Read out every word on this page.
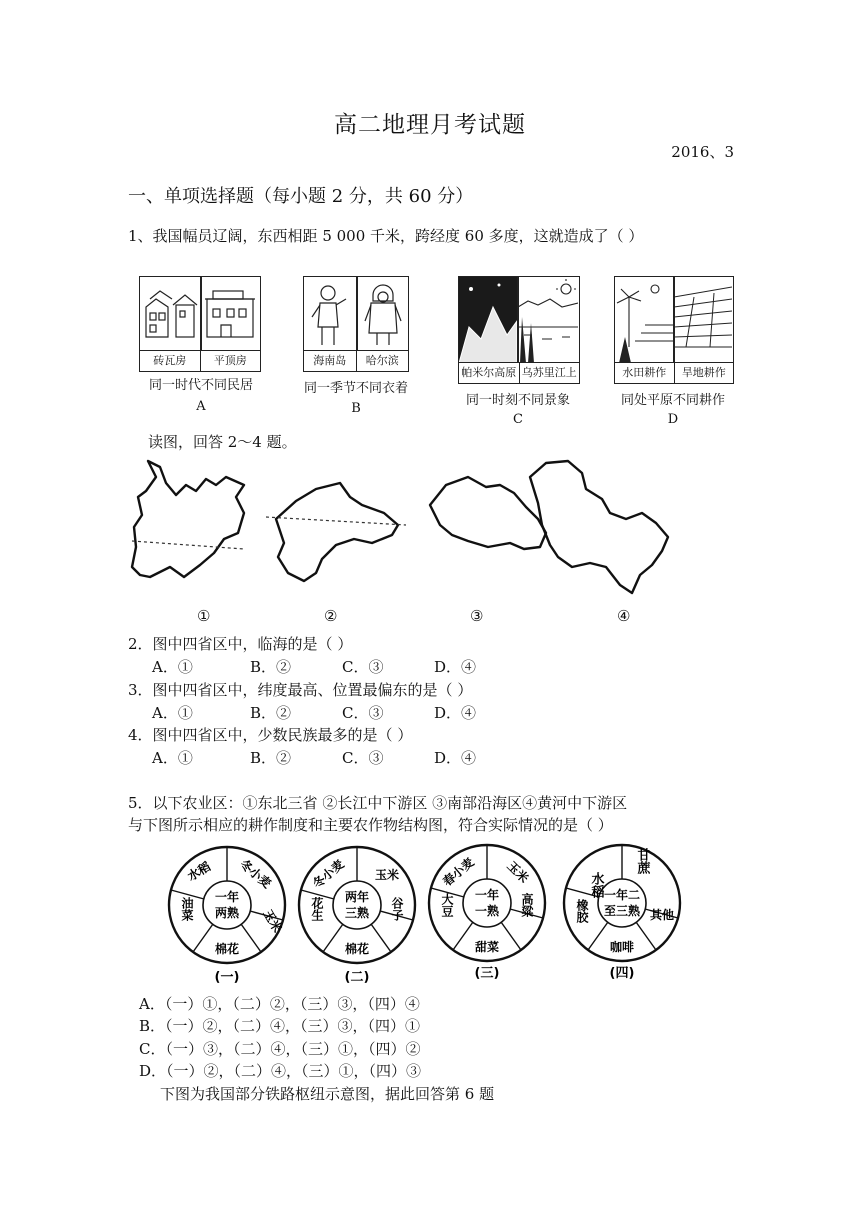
高二地理月考试题
2016、3
一、单项选择题（每小题 2 分，共 60 分）
1、我国幅员辽阔，东西相距 5 000 千米，跨经度 60 多度，这就造成了（ ）
砖瓦房	平顶房
同一时代不同民居
A
海南岛	哈尔滨
同一季节不同衣着
B
帕米尔高原 乌苏里江上
同一时刻不同景象
C
水田耕作	旱地耕作
同处平原不同耕作
D
读图，回答 2～4 题。
①	②	③	④
2．图中四省区中，临海的是（ ）
A．①	B．②	C．③	D．④
3．图中四省区中，纬度最高、位置最偏东的是（ ）
A．①	B．②	C．③	D．④
4．图中四省区中，少数民族最多的是（ ）
A．①	B．②	C．③	D．④
5．以下农业区：①东北三省 ②长江中下游区 ③南部沿海区④黄河中下游区
与下图所示相应的耕作制度和主要农作物结构图，符合实际情况的是（ ）
一年
两熟
水稻 冬小麦
玉米
棉花
油菜	两年
三熟
冬小麦 玉米
谷子
棉花
花生
一年
一熟
春小麦 玉米
高粱
甜菜
大豆	一年二
至三熟
水稻
甘蔗
其他
咖啡
橡胶
(一)	(二)	(三)	(四)
A．（一）①，（二）②，（三）③，（四）④
B．（一）②，（二）④，（三）③，（四）①
C．（一）③，（二）④，（三）①，（四）②
D．（一）②，（二）④，（三）①，（四）③
下图为我国部分铁路枢纽示意图，据此回答第 6 题
